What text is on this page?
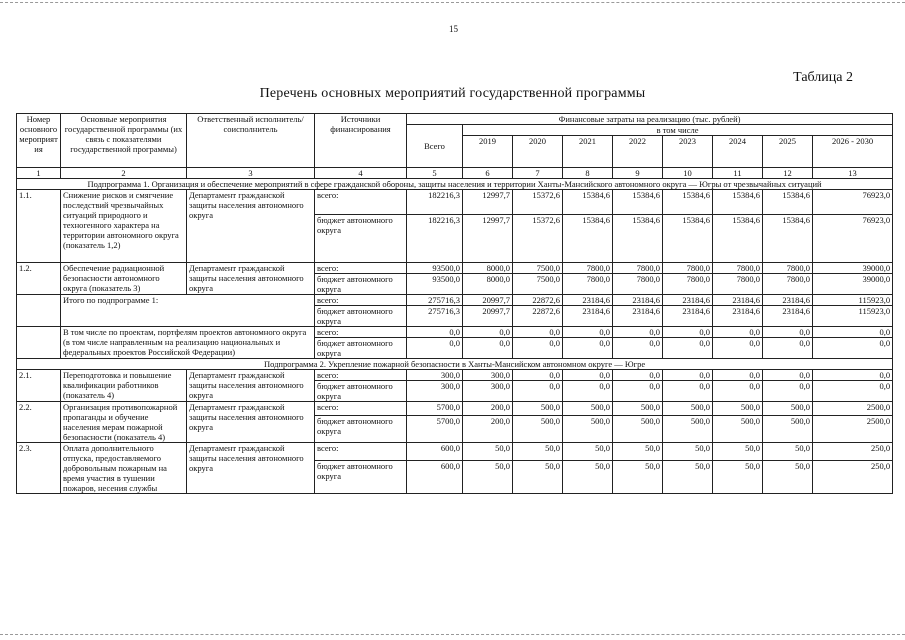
15
Таблица 2
Перечень основных мероприятий государственной программы
Номер основного мероприятия	Основные мероприятия государственной программы (их связь с показателями государственной программы)	Ответственный исполнитель/соисполнитель	Источники финансирования	Финансовые затраты на реализацию (тыс. рублей)								
				Всего	в том числе							
					2019	2020	2021	2022	2023	2024	2025	2026 - 2030
1	2	3	4	5	6	7	8	9	10	11	12	13
Подпрограмма 1. Организация и обеспечение мероприятий в сфере гражданской обороны, защиты населения и территории Ханты-Мансийского автономного округа — Югры от чрезвычайных ситуаций												
1.1.	Снижение рисков и смягчение последствий чрезвычайных ситуаций природного и техногенного характера на территории автономного округа (показатель 1,2)	Департамент гражданской защиты населения автономного округа	всего:	182216,3	12997,7	15372,6	15384,6	15384,6	15384,6	15384,6	15384,6	76923,0
			бюджет автономного округа	182216,3	12997,7	15372,6	15384,6	15384,6	15384,6	15384,6	15384,6	76923,0
1.2.	Обеспечение радиационной безопасности автономного округа (показатель 3)	Департамент гражданской защиты населения автономного округа	всего:	93500,0	8000,0	7500,0	7800,0	7800,0	7800,0	7800,0	7800,0	39000,0
			бюджет автономного округа	93500,0	8000,0	7500,0	7800,0	7800,0	7800,0	7800,0	7800,0	39000,0
	Итого по подпрограмме 1:		всего:	275716,3	20997,7	22872,6	23184,6	23184,6	23184,6	23184,6	23184,6	115923,0
			бюджет автономного округа	275716,3	20997,7	22872,6	23184,6	23184,6	23184,6	23184,6	23184,6	115923,0
	В том числе по проектам, портфелям проектов автономного округа (в том числе направленным на реализацию национальных и федеральных проектов Российской Федерации)		всего:	0,0	0,0	0,0	0,0	0,0	0,0	0,0	0,0	0,0
			бюджет автономного округа	0,0	0,0	0,0	0,0	0,0	0,0	0,0	0,0	0,0
Подпрограмма 2. Укрепление пожарной безопасности в Ханты-Мансийском автономном округе — Югре												
2.1.	Переподготовка и повышение квалификации работников (показатель 4)	Департамент гражданской защиты населения автономного округа	всего:	300,0	300,0	0,0	0,0	0,0	0,0	0,0	0,0	0,0
			бюджет автономного округа	300,0	300,0	0,0	0,0	0,0	0,0	0,0	0,0	0,0
2.2.	Организация противопожарной пропаганды и обучение населения мерам пожарной безопасности (показатель 4)	Департамент гражданской защиты населения автономного округа	всего:	5700,0	200,0	500,0	500,0	500,0	500,0	500,0	500,0	2500,0
			бюджет автономного округа	5700,0	200,0	500,0	500,0	500,0	500,0	500,0	500,0	2500,0
2.3.	Оплата дополнительного отпуска, предоставляемого добровольным пожарным на время участия в тушении пожаров, несения службы	Департамент гражданской защиты населения автономного округа	всего:	600,0	50,0	50,0	50,0	50,0	50,0	50,0	50,0	250,0
			бюджет автономного округа	600,0	50,0	50,0	50,0	50,0	50,0	50,0	50,0	250,0
